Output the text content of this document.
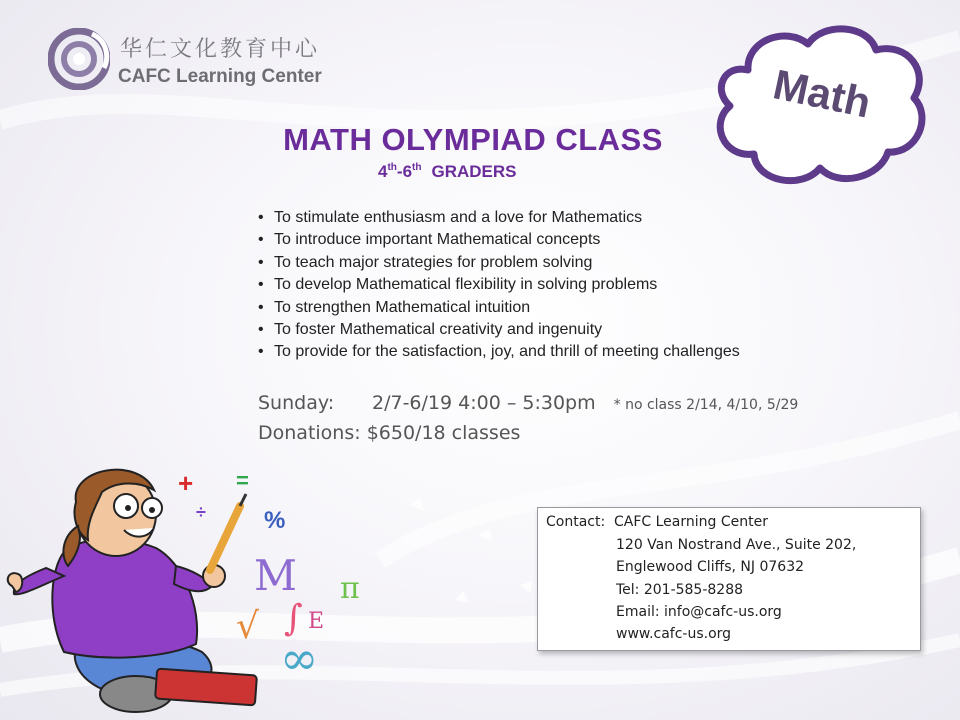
华仁文化教育中心
CAFC Learning Center	Math
MATH OLYMPIAD CLASS
4th-6th GRADERS
• To stimulate enthusiasm and a love for Mathematics
• To introduce important Mathematical concepts
• To teach major strategies for problem solving
• To develop Mathematical flexibility in solving problems
• To strengthen Mathematical intuition
• To foster Mathematical creativity and ingenuity
• To provide for the satisfaction, joy, and thrill of meeting challenges
Sunday: 2/7-6/19 4:00 – 5:30pm * no class 2/14, 4/10, 5/29
Donations: $650/18 classes
+ =
%
÷
M π
√ ∫ E
∞
Contact: CAFC Learning Center
120 Van Nostrand Ave., Suite 202,
Englewood Cliffs, NJ 07632
Tel: 201-585-8288
Email: info@cafc-us.org
www.cafc-us.org
